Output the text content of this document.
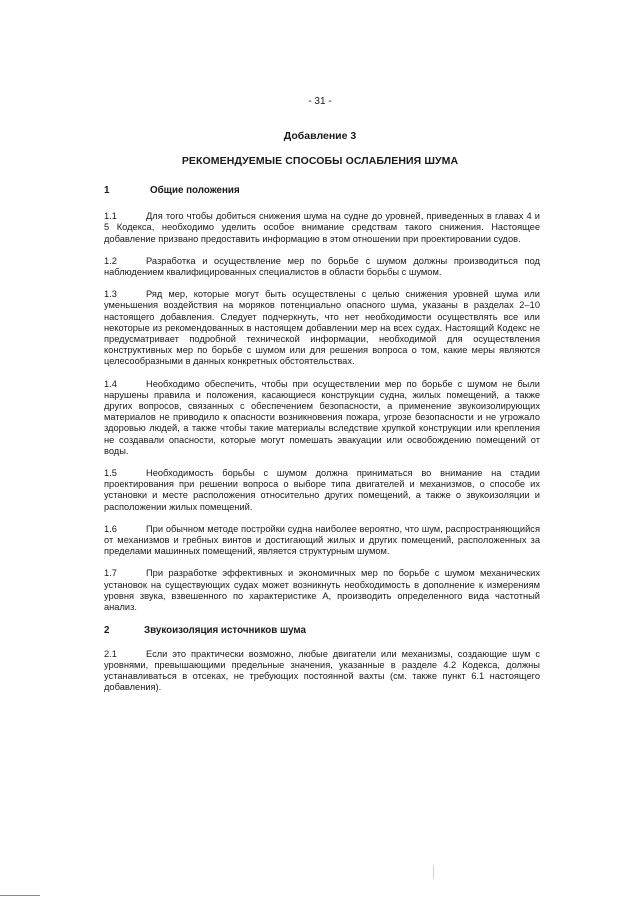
- 31 -
Добавление 3
РЕКОМЕНДУЕМЫЕ СПОСОБЫ ОСЛАБЛЕНИЯ ШУМА
1	Общие положения

1.1	Для того чтобы добиться снижения шума на судне до уровней, приведенных в главах 4 и 5 Кодекса, необходимо уделить особое внимание средствам такого снижения. Настоящее добавление призвано предоставить информацию в этом отношении при проектировании судов.

1.2	Разработка и осуществление мер по борьбе с шумом должны производиться под наблюдением квалифицированных специалистов в области борьбы с шумом.

1.3	Ряд мер, которые могут быть осуществлены с целью снижения уровней шума или уменьшения воздействия на моряков потенциально опасного шума, указаны в разделах 2–10 настоящего добавления. Следует подчеркнуть, что нет необходимости осуществлять все или некоторые из рекомендованных в настоящем добавлении мер на всех судах. Настоящий Кодекс не предусматривает подробной технической информации, необходимой для осуществления конструктивных мер по борьбе с шумом или для решения вопроса о том, какие меры являются целесообразными в данных конкретных обстоятельствах.

1.4	Необходимо обеспечить, чтобы при осуществлении мер по борьбе с шумом не были нарушены правила и положения, касающиеся конструкции судна, жилых помещений, а также других вопросов, связанных с обеспечением безопасности, а применение звукоизолирующих материалов не приводило к опасности возникновения пожара, угрозе безопасности и не угрожало здоровью людей, а также чтобы такие материалы вследствие хрупкой конструкции или крепления не создавали опасности, которые могут помешать эвакуации или освобождению помещений от воды.

1.5	Необходимость борьбы с шумом должна приниматься во внимание на стадии проектирования при решении вопроса о выборе типа двигателей и механизмов, о способе их установки и месте расположения относительно других помещений, а также о звукоизоляции и расположении жилых помещений.

1.6	При обычном методе постройки судна наиболее вероятно, что шум, распространяющийся от механизмов и гребных винтов и достигающий жилых и других помещений, расположенных за пределами машинных помещений, является структурным шумом.

1.7	При разработке эффективных и экономичных мер по борьбе с шумом механических установок на существующих судах может возникнуть необходимость в дополнение к измерениям уровня звука, взвешенного по характеристике A, производить определенного вида частотный анализ.

2	Звукоизоляция источников шума

2.1	Если это практически возможно, любые двигатели или механизмы, создающие шум с уровнями, превышающими предельные значения, указанные в разделе 4.2 Кодекса, должны устанавливаться в отсеках, не требующих постоянной вахты (см. также пункт 6.1 настоящего добавления).
